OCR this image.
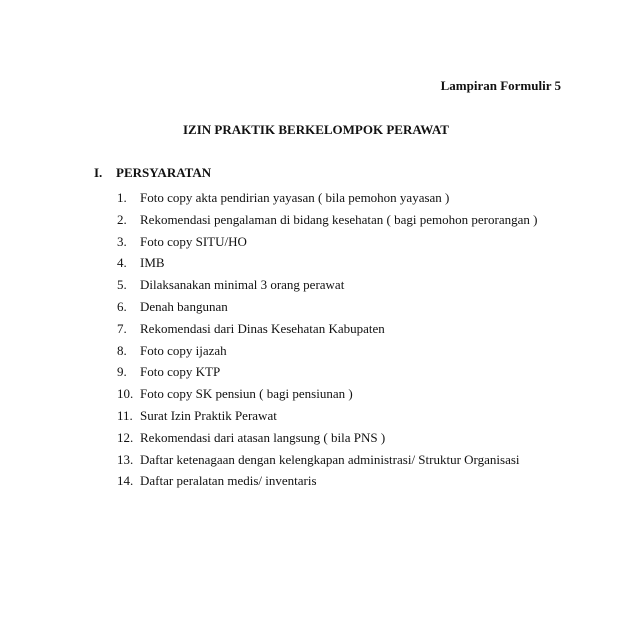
Lampiran Formulir 5
IZIN PRAKTIK BERKELOMPOK PERAWAT
I. PERSYARATAN
1. Foto copy akta pendirian yayasan ( bila pemohon yayasan )
2. Rekomendasi pengalaman di bidang kesehatan ( bagi pemohon perorangan )
3. Foto copy SITU/HO
4. IMB
5. Dilaksanakan minimal 3 orang perawat
6. Denah bangunan
7. Rekomendasi dari Dinas Kesehatan Kabupaten
8. Foto copy ijazah
9. Foto copy KTP
10. Foto copy SK pensiun ( bagi pensiunan )
11. Surat Izin Praktik Perawat
12. Rekomendasi dari atasan langsung ( bila PNS )
13. Daftar ketenagaan dengan kelengkapan administrasi/ Struktur Organisasi
14. Daftar peralatan medis/ inventaris
